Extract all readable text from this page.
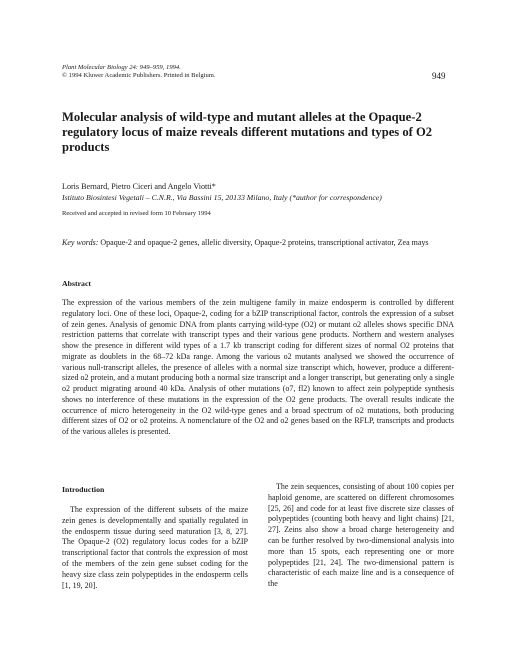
Plant Molecular Biology 24: 949–959, 1994.
© 1994 Kluwer Academic Publishers. Printed in Belgium.	949
Molecular analysis of wild-type and mutant alleles at the Opaque-2 regulatory locus of maize reveals different mutations and types of O2 products
Loris Bernard, Pietro Ciceri and Angelo Viotti*
Istituto Biosintesi Vegetali – C.N.R., Via Bassini 15, 20133 Milano, Italy (*author for correspondence)
Received and accepted in revised form 10 February 1994
Key words: Opaque-2 and opaque-2 genes, allelic diversity, Opaque-2 proteins, transcriptional activator, Zea mays
Abstract
The expression of the various members of the zein multigene family in maize endosperm is controlled by different regulatory loci. One of these loci, Opaque-2, coding for a bZIP transcriptional factor, controls the expression of a subset of zein genes. Analysis of genomic DNA from plants carrying wild-type (O2) or mutant o2 alleles shows specific DNA restriction patterns that correlate with transcript types and their various gene products. Northern and western analyses show the presence in different wild types of a 1.7 kb transcript coding for different sizes of normal O2 proteins that migrate as doublets in the 68–72 kDa range. Among the various o2 mutants analysed we showed the occurrence of various null-transcript alleles, the presence of alleles with a normal size transcript which, however, produce a different-sized o2 protein, and a mutant producing both a normal size transcript and a longer transcript, but generating only a single o2 product migrating around 40 kDa. Analysis of other mutations (o7, fl2) known to affect zein polypeptide synthesis shows no interference of these mutations in the expression of the O2 gene products. The overall results indicate the occurrence of micro heterogeneity in the O2 wild-type genes and a broad spectrum of o2 mutations, both producing different sizes of O2 or o2 proteins. A nomenclature of the O2 and o2 genes based on the RFLP, transcripts and products of the various alleles is presented.
Introduction
The expression of the different subsets of the maize zein genes is developmentally and spatially regulated in the endosperm tissue during seed maturation [3, 8, 27]. The Opaque-2 (O2) regulatory locus codes for a bZIP transcriptional factor that controls the expression of most of the members of the zein gene subset coding for the heavy size class zein polypeptides in the endosperm cells [1, 19, 20].
The zein sequences, consisting of about 100 copies per haploid genome, are scattered on different chromosomes [25, 26] and code for at least five discrete size classes of polypeptides (counting both heavy and light chains) [21, 27]. Zeins also show a broad charge heterogeneity and can be further resolved by two-dimensional analysis into more than 15 spots, each representing one or more polypeptides [21, 24]. The two-dimensional pattern is characteristic of each maize line and is a consequence of the
